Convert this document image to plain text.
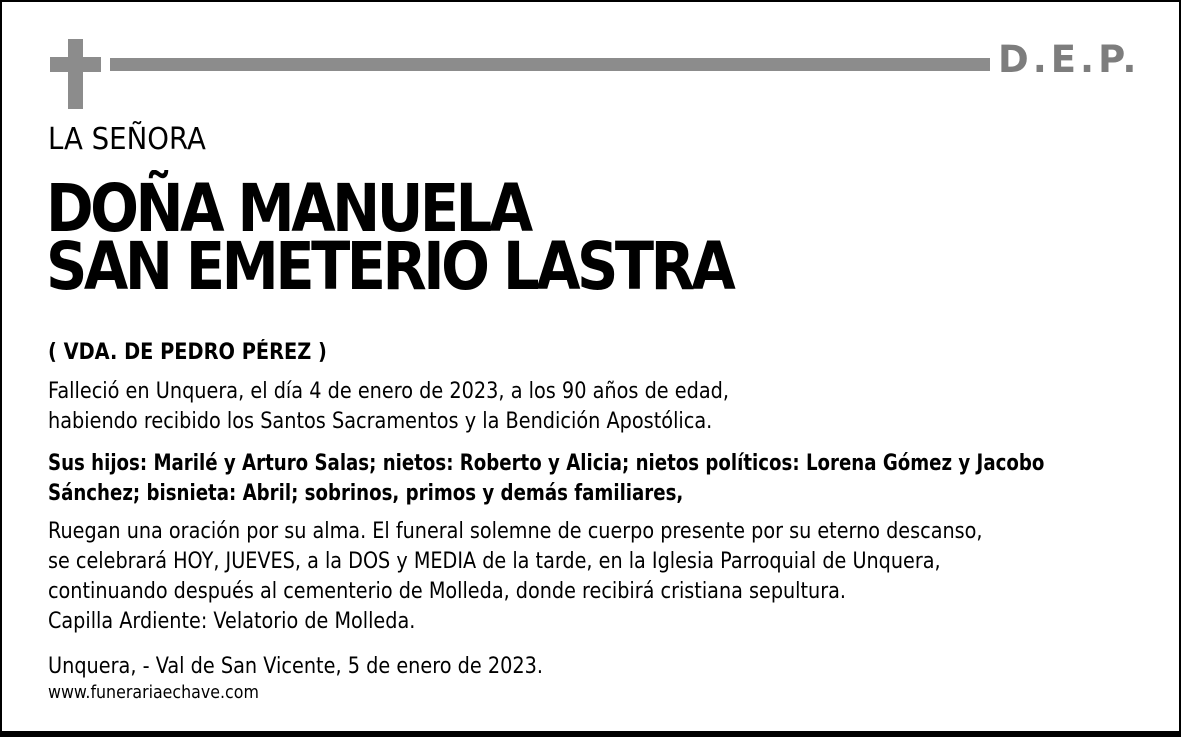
D.E.P.
LA SEÑORA
DOÑA MANUELA
SAN EMETERIO LASTRA
( VDA. DE PEDRO PÉREZ )
Falleció en Unquera, el día 4 de enero de 2023, a los 90 años de edad,
habiendo recibido los Santos Sacramentos y la Bendición Apostólica.
Sus hijos: Marilé y Arturo Salas; nietos: Roberto y Alicia; nietos políticos: Lorena Gómez y Jacobo
Sánchez; bisnieta: Abril; sobrinos, primos y demás familiares,
Ruegan una oración por su alma. El funeral solemne de cuerpo presente por su eterno descanso,
se celebrará HOY, JUEVES, a la DOS y MEDIA de la tarde, en la Iglesia Parroquial de Unquera,
continuando después al cementerio de Molleda, donde recibirá cristiana sepultura.
Capilla Ardiente: Velatorio de Molleda.
Unquera, - Val de San Vicente, 5 de enero de 2023.
www.funerariaechave.com
